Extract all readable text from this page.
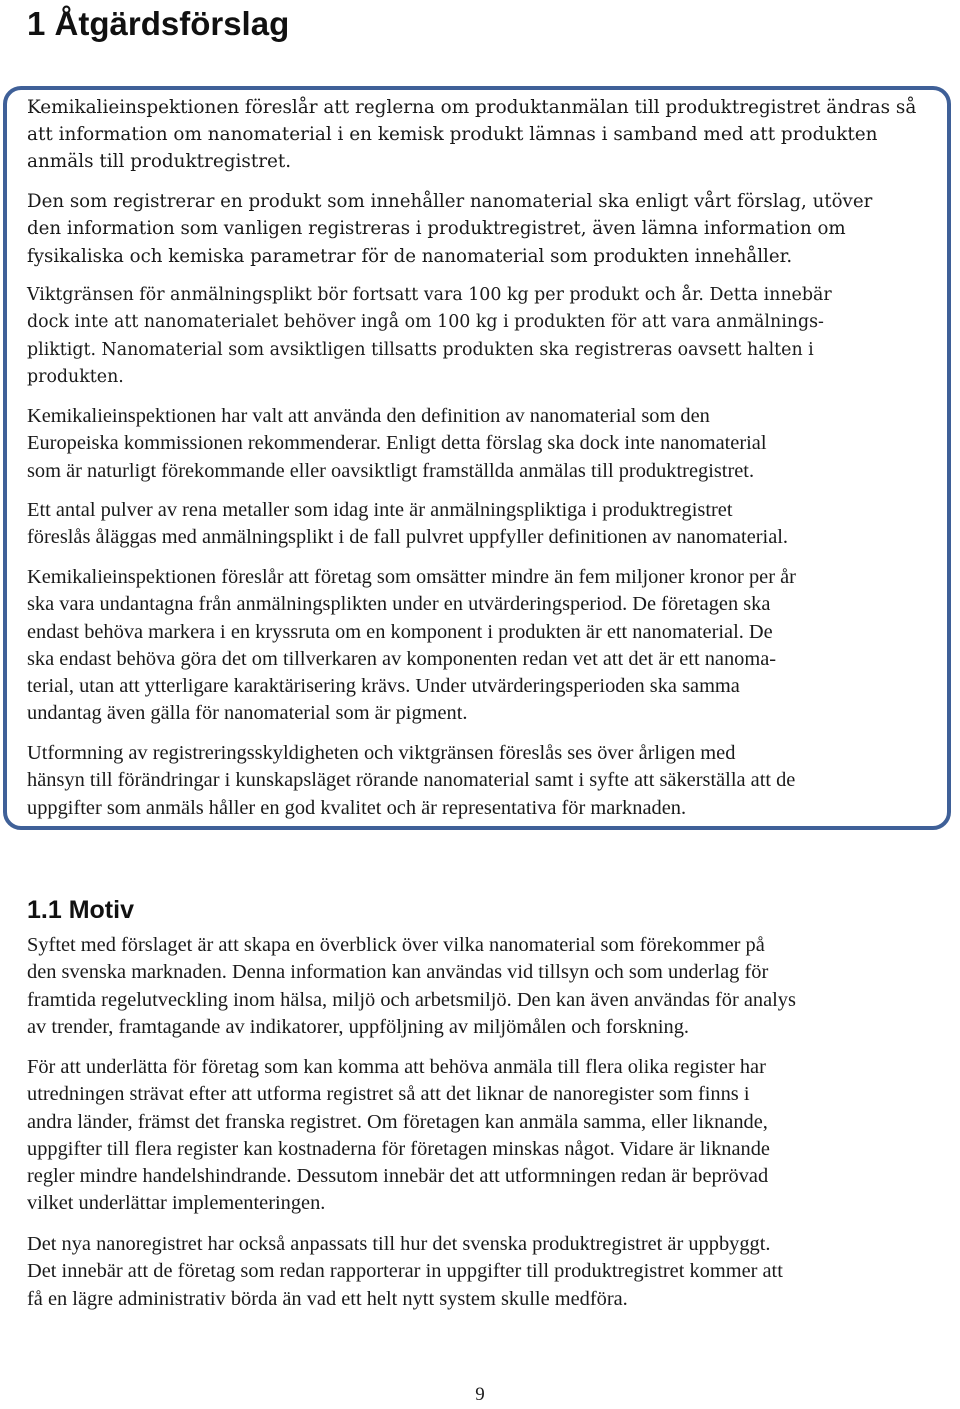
1 Åtgärdsförslag

Kemikalieinspektionen föreslår att reglerna om produktanmälan till produktregistret ändras så
att information om nanomaterial i en kemisk produkt lämnas i samband med att produkten
anmäls till produktregistret.

Den som registrerar en produkt som innehåller nanomaterial ska enligt vårt förslag, utöver
den information som vanligen registreras i produktregistret, även lämna information om
fysikaliska och kemiska parametrar för de nanomaterial som produkten innehåller.

Viktgränsen för anmälningsplikt bör fortsatt vara 100 kg per produkt och år. Detta innebär
dock inte att nanomaterialet behöver ingå om 100 kg i produkten för att vara anmälnings-
pliktigt. Nanomaterial som avsiktligen tillsatts produkten ska registreras oavsett halten i
produkten.

Kemikalieinspektionen har valt att använda den definition av nanomaterial som den
Europeiska kommissionen rekommenderar. Enligt detta förslag ska dock inte nanomaterial
som är naturligt förekommande eller oavsiktligt framställda anmälas till produktregistret.

Ett antal pulver av rena metaller som idag inte är anmälningspliktiga i produktregistret
föreslås åläggas med anmälningsplikt i de fall pulvret uppfyller definitionen av nanomaterial.

Kemikalieinspektionen föreslår att företag som omsätter mindre än fem miljoner kronor per år
ska vara undantagna från anmälningsplikten under en utvärderingsperiod. De företagen ska
endast behöva markera i en kryssruta om en komponent i produkten är ett nanomaterial. De
ska endast behöva göra det om tillverkaren av komponenten redan vet att det är ett nanoma-
terial, utan att ytterligare karaktärisering krävs. Under utvärderingsperioden ska samma
undantag även gälla för nanomaterial som är pigment.

Utformning av registreringsskyldigheten och viktgränsen föreslås ses över årligen med
hänsyn till förändringar i kunskapsläget rörande nanomaterial samt i syfte att säkerställa att de
uppgifter som anmäls håller en god kvalitet och är representativa för marknaden.

1.1 Motiv

Syftet med förslaget är att skapa en överblick över vilka nanomaterial som förekommer på
den svenska marknaden. Denna information kan användas vid tillsyn och som underlag för
framtida regelutveckling inom hälsa, miljö och arbetsmiljö. Den kan även användas för analys
av trender, framtagande av indikatorer, uppföljning av miljömålen och forskning.

För att underlätta för företag som kan komma att behöva anmäla till flera olika register har
utredningen strävat efter att utforma registret så att det liknar de nanoregister som finns i
andra länder, främst det franska registret. Om företagen kan anmäla samma, eller liknande,
uppgifter till flera register kan kostnaderna för företagen minskas något. Vidare är liknande
regler mindre handelshindrande. Dessutom innebär det att utformningen redan är beprövad
vilket underlättar implementeringen.

Det nya nanoregistret har också anpassats till hur det svenska produktregistret är uppbyggt.
Det innebär att de företag som redan rapporterar in uppgifter till produktregistret kommer att
få en lägre administrativ börda än vad ett helt nytt system skulle medföra.

9
